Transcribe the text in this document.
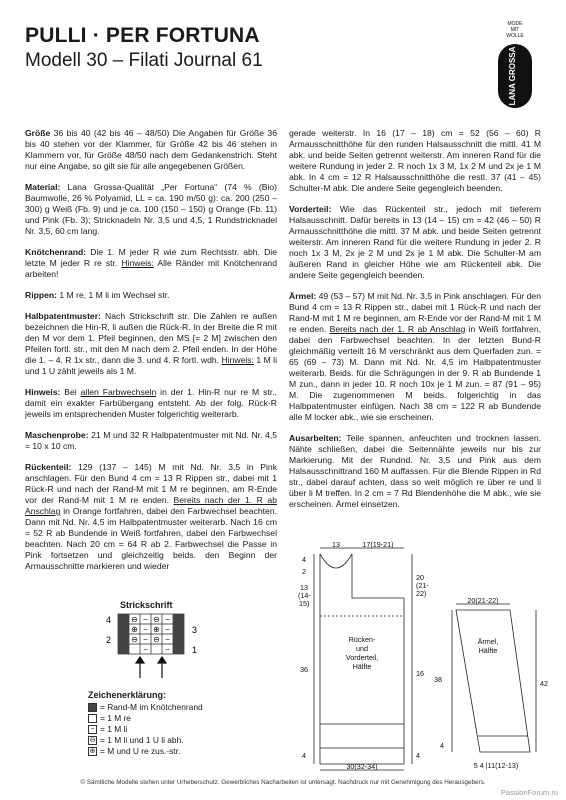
PULLI · PER FORTUNA
Modell 30 – Filati Journal 61
MODE
MIT
WOLLE
LANA GROSSA

Größe 36 bis 40 (42 bis 46 – 48/50) Die Angaben für Größe 36 bis 40 stehen vor der Klammer, für Größe 42 bis 46 stehen in Klammern vor, für Größe 48/50 nach dem Gedankenstrich. Steht nur eine Angabe, so gilt sie für alle angegebenen Größen.

Material: Lana Grossa-Qualität „Per Fortuna“ (74 % (Bio) Baumwolle, 26 % Polyamid, LL = ca. 190 m/50 g): ca. 200 (250 – 300) g Weiß (Fb. 9) und je ca. 100 (150 – 150) g Orange (Fb. 11) und Pink (Fb. 3); Stricknadeln Nr. 3,5 und 4,5, 1 Rundstricknadel Nr. 3,5, 60 cm lang.

Knötchenrand: Die 1. M jeder R wie zum Rechtsstr. abh. Die letzte M jeder R re str. Hinweis: Alle Ränder mit Knötchenrand arbeiten!

Rippen: 1 M re, 1 M li im Wechsel str.

Halbpatentmuster: Nach Strickschrift str. Die Zahlen re außen bezeichnen die Hin-R, li außen die Rück-R. In der Breite die R mit den M vor dem 1. Pfeil beginnen, den MS [= 2 M] zwischen den Pfeilen fortl. str., mit den M nach dem 2. Pfeil enden. In der Höhe die 1. – 4. R 1x str., dann die 3. und 4. R fortl. wdh. Hinweis: 1 M li und 1 U zählt jeweils als 1 M.

Hinweis: Bei allen Farbwechseln in der 1. Hin-R nur re M str., damit ein exakter Farbübergang entsteht. Ab der folg. Rück-R jeweils im entsprechenden Muster folgerichtig weiterarb.

Maschenprobe: 21 M und 32 R Halbpatentmuster mit Nd. Nr. 4,5 = 10 x 10 cm.

Rückenteil: 129 (137 – 145) M mit Nd. Nr. 3,5 in Pink anschlagen. Für den Bund 4 cm = 13 R Rippen str., dabei mit 1 Rück-R und nach der Rand-M mit 1 M re beginnen, am R-Ende vor der Rand-M mit 1 M re enden. Bereits nach der 1. R ab Anschlag in Orange fortfahren, dabei den Farbwechsel beachten. Dann mit Nd. Nr. 4,5 im Halbpatentmuster weiterarb. Nach 16 cm = 52 R ab Bundende in Weiß fortfahren, dabei den Farbwechsel beachten. Nach 20 cm = 64 R ab 2. Farbwechsel die Passe in Pink fortsetzen und gleichzeitig beids. den Beginn der Armausschnitte markieren und wieder

gerade weiterstr. In 16 (17 – 18) cm = 52 (56 – 60) R Armausschnitthöhe für den runden Halsausschnitt die mittl. 41 M abk. und beide Seiten getrennt weiterstr. Am inneren Rand für die weitere Rundung in jeder 2. R noch 1x 3 M, 1x 2 M und 2x je 1 M abk. In 4 cm = 12 R Halsausschnitthöhe die restl. 37 (41 – 45) Schulter-M abk. Die andere Seite gegengleich beenden.

Vorderteil: Wie das Rückenteil str., jedoch mit tieferem Halsausschnitt. Dafür bereits in 13 (14 – 15) cm = 42 (46 – 50) R Armausschnitthöhe die mittl. 37 M abk. und beide Seiten getrennt weiterstr. Am inneren Rand für die weitere Rundung in jeder 2. R noch 1x 3 M, 2x je 2 M und 2x je 1 M abk. Die Schulter-M am äußeren Rand in gleicher Höhe wie am Rückenteil abk. Die andere Seite gegengleich beenden.

Ärmel: 49 (53 – 57) M mit Nd. Nr. 3,5 in Pink anschlagen. Für den Bund 4 cm = 13 R Rippen str., dabei mit 1 Rück-R und nach der Rand-M mit 1 M re beginnen, am R-Ende vor der Rand-M mit 1 M re enden. Bereits nach der 1. R ab Anschlag in Weiß fortfahren, dabei den Farbwechsel beachten. In der letzten Bund-R gleichmäßig verteilt 16 M verschränkt aus dem Querfaden zun. = 65 (69 – 73) M. Dann mit Nd. Nr. 4,5 im Halbpatentmuster weiterarb. Beids. für die Schrägungen in der 9. R ab Bundende 1 M zun., dann in jeder 10. R noch 10x je 1 M zun. = 87 (91 – 95) M. Die zugenommenen M beids. folgerichtig in das Halbpatentmuster einfügen. Nach 38 cm = 122 R ab Bundende alle M locker abk., wie sie erscheinen.

Ausarbeiten: Teile spannen, anfeuchten und trocknen lassen. Nähte schließen, dabei die Seitennähte jeweils nur bis zur Markierung. Mit der Rundnd. Nr. 3,5 und Pink aus dem Halsausschnittrand 160 M auffassen. Für die Blende Rippen in Rd str., dabei darauf achten, dass so weit möglich re über re und li über li M treffen. In 2 cm = 7 Rd Blendenhöhe die M abk., wie sie erscheinen. Ärmel einsetzen.

Strickschrift
4
2
3
1
⊖ ⊖
− −
⊕ ⊕
− −
⊖ ⊖
− −
− −
Zeichenerklärung:
= Rand-M im Knötchenrand
= 1 M re
− = 1 M li
⊖ = 1 M li und 1 U li abh.
⊕ = M und U re zus.-str.
13	17(19-21)
4
2
13
(14-
15)
36
4
20
(21-
22)
16
4
Rücken-
und
Vorderteil,
Hälfte
30(32-34)
20(21-22)
38
4
42
Ärmel,
Hälfte
5 4 |11(12-13)
© Sämtliche Modelle stehen unter Urheberschutz. Gewerbliches Nacharbeiten ist untersagt. Nachdruck nur mit Genehmigung des Herausgebers.
PassionForum.ru
